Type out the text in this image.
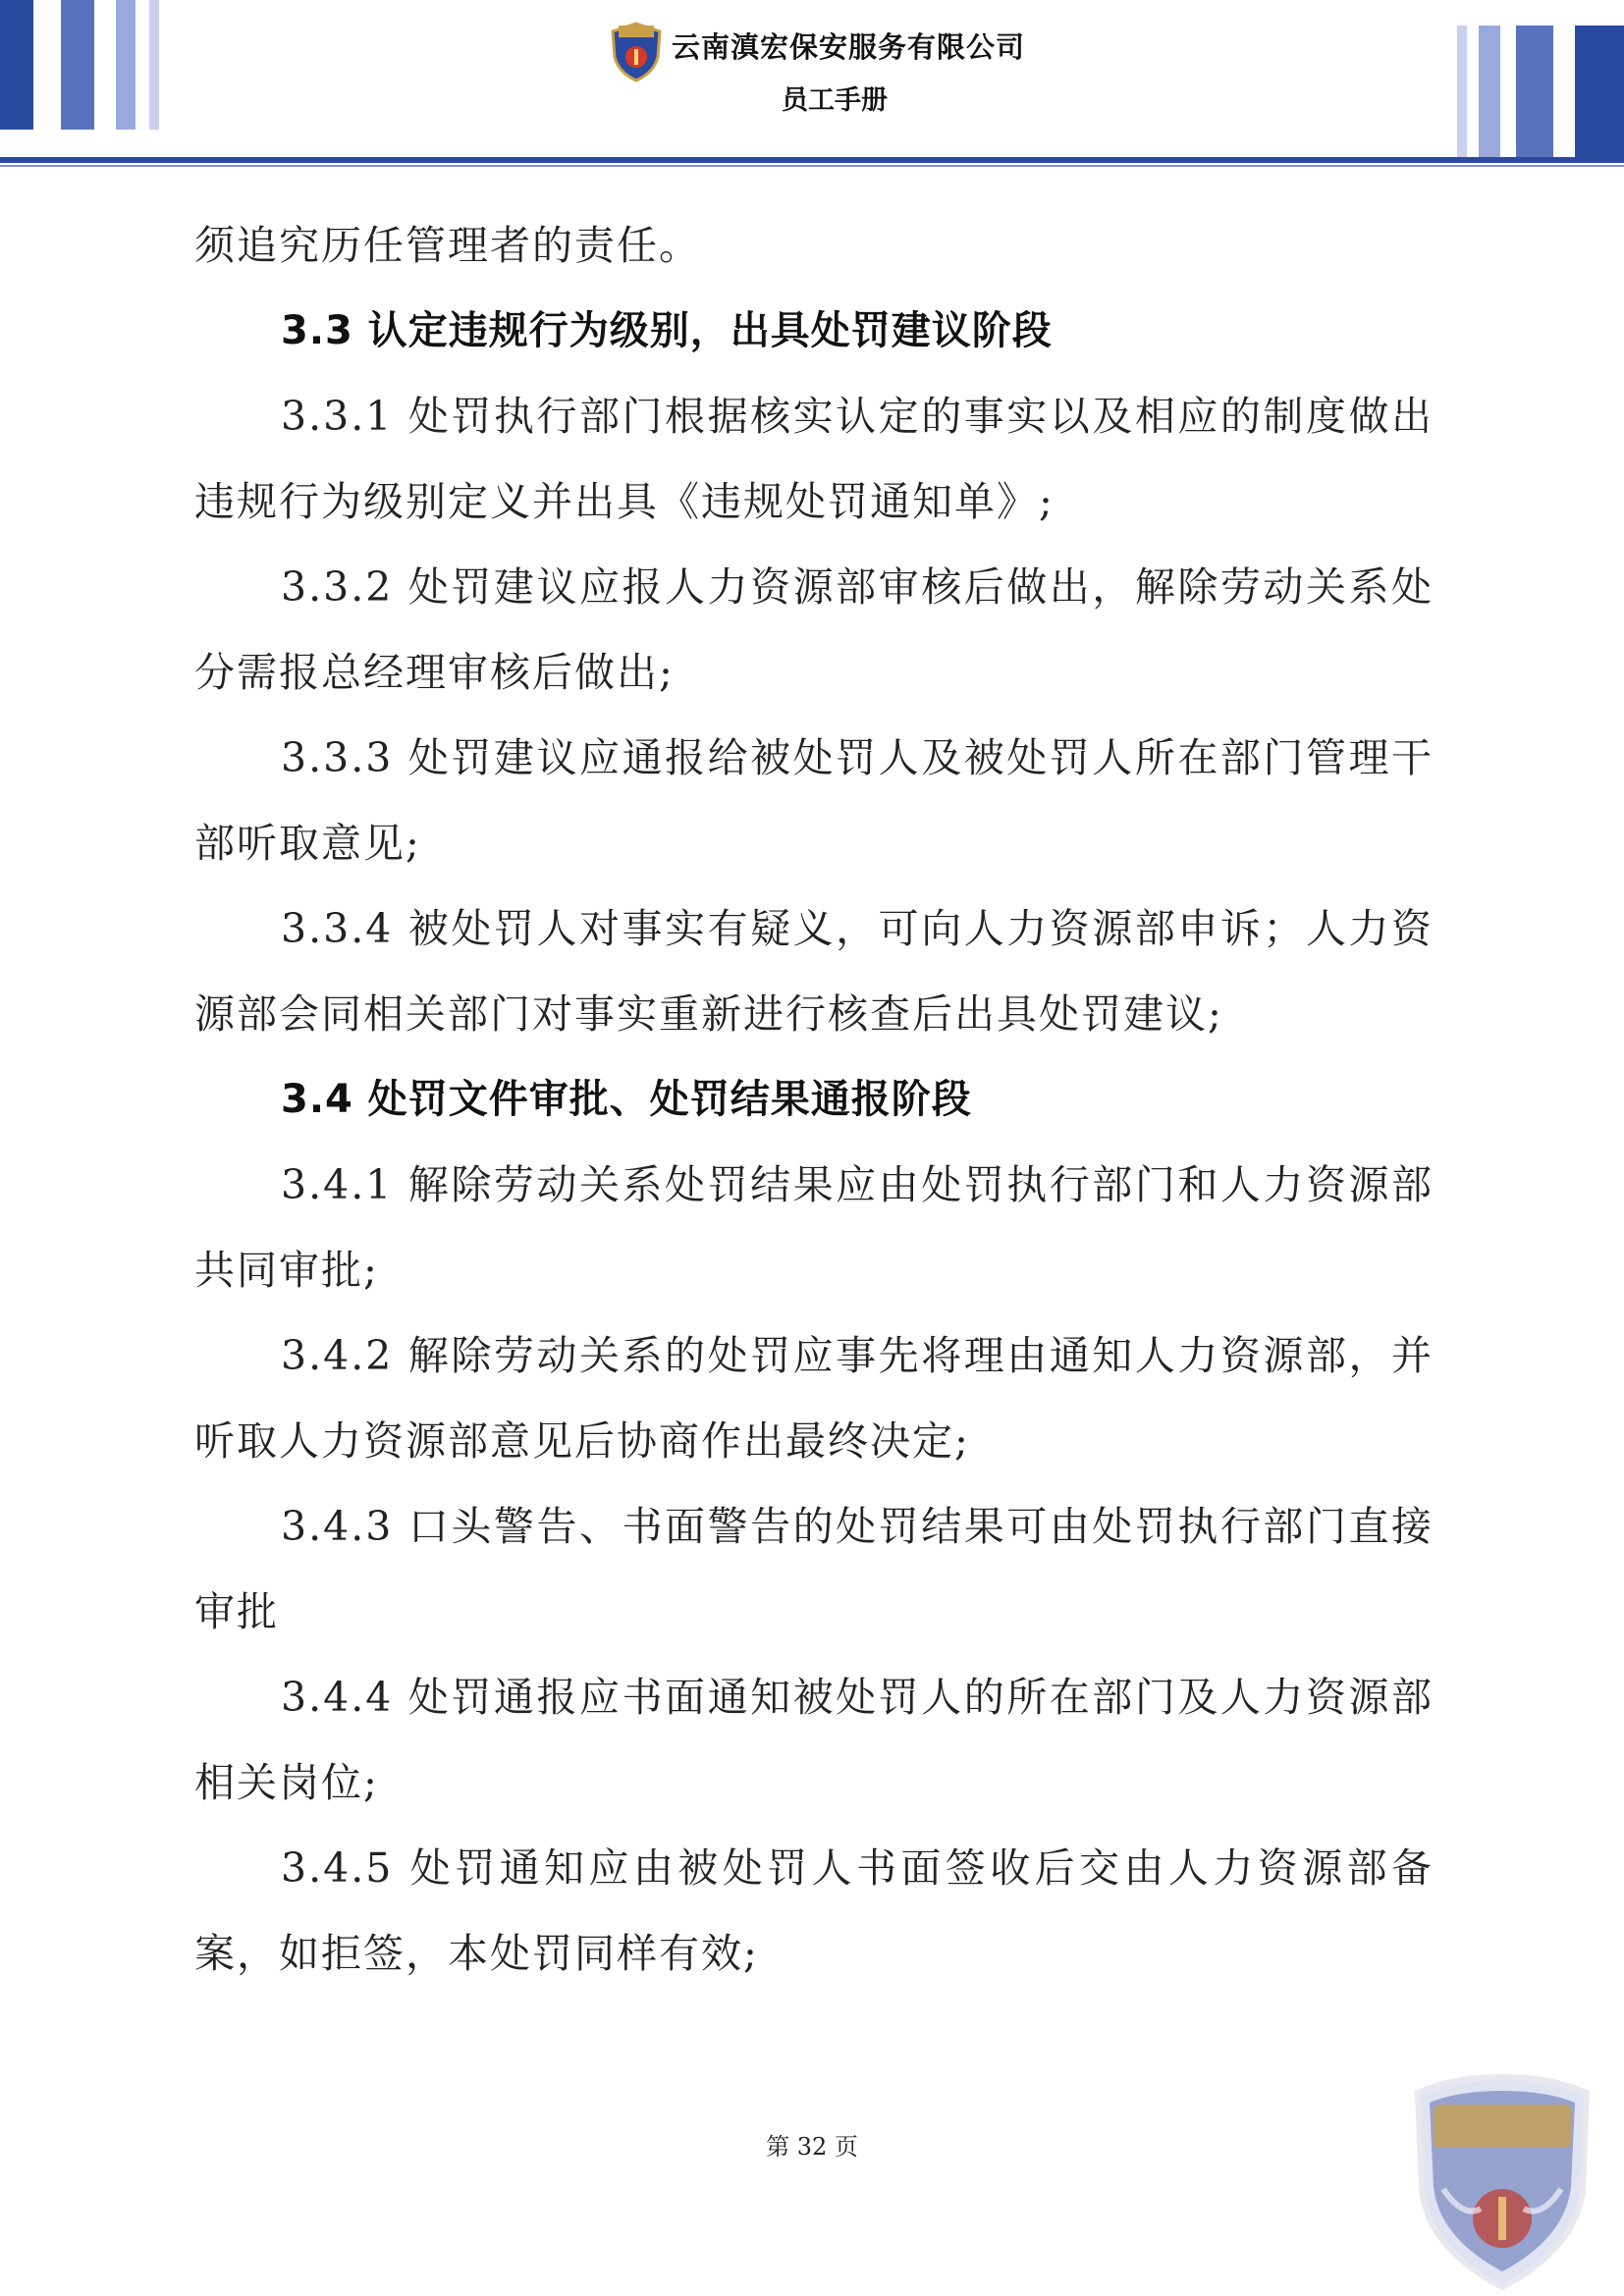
云南滇宏保安服务有限公司
员工手册

须追究历任管理者的责任。

3.3 认定违规行为级别，出具处罚建议阶段

3.3.1 处罚执行部门根据核实认定的事实以及相应的制度做出违规行为级别定义并出具《违规处罚通知单》;

3.3.2 处罚建议应报人力资源部审核后做出，解除劳动关系处分需报总经理审核后做出;

3.3.3 处罚建议应通报给被处罚人及被处罚人所在部门管理干部听取意见;

3.3.4 被处罚人对事实有疑义，可向人力资源部申诉；人力资源部会同相关部门对事实重新进行核查后出具处罚建议;

3.4 处罚文件审批、处罚结果通报阶段

3.4.1 解除劳动关系处罚结果应由处罚执行部门和人力资源部共同审批;

3.4.2 解除劳动关系的处罚应事先将理由通知人力资源部，并听取人力资源部意见后协商作出最终决定;

3.4.3 口头警告、书面警告的处罚结果可由处罚执行部门直接审批

3.4.4 处罚通报应书面通知被处罚人的所在部门及人力资源部相关岗位;

3.4.5 处罚通知应由被处罚人书面签收后交由人力资源部备案，如拒签，本处罚同样有效;

第 32 页
